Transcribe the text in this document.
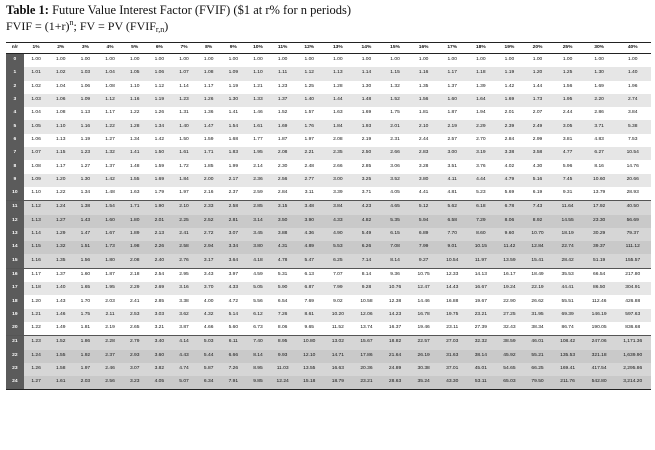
Table 1: Future Value Interest Factor (FVIF) ($1 at r% for n periods)
FVIF = $(1+r)^n$; FV = PV $(FVIF_{r,n})$
n/r	1%	2%	3%	4%	5%	6%	7%	8%	9%	10%	11%	12%	13%	14%	15%	16%	17%	18%	19%	20%	25%	30%	40%
0	1.00	1.00	1.00	1.00	1.00	1.00	1.00	1.00	1.00	1.00	1.00	1.00	1.00	1.00	1.00	1.00	1.00	1.00	1.00	1.00	1.00	1.00	1.00
1	1.01	1.02	1.03	1.04	1.05	1.06	1.07	1.08	1.09	1.10	1.11	1.12	1.13	1.14	1.15	1.16	1.17	1.18	1.19	1.20	1.25	1.30	1.40
2	1.02	1.04	1.06	1.08	1.10	1.12	1.14	1.17	1.19	1.21	1.23	1.25	1.28	1.30	1.32	1.35	1.37	1.39	1.42	1.44	1.56	1.69	1.96
3	1.03	1.06	1.09	1.12	1.16	1.19	1.23	1.26	1.30	1.33	1.37	1.40	1.44	1.48	1.52	1.56	1.60	1.64	1.69	1.73	1.95	2.20	2.74
4	1.04	1.08	1.13	1.17	1.22	1.26	1.31	1.36	1.41	1.46	1.52	1.57	1.63	1.69	1.75	1.81	1.87	1.94	2.01	2.07	2.44	2.86	3.84
5	1.05	1.10	1.16	1.22	1.28	1.34	1.40	1.47	1.54	1.61	1.69	1.76	1.84	1.93	2.01	2.10	2.19	2.29	2.39	2.49	3.05	3.71	5.38
6	1.06	1.13	1.19	1.27	1.34	1.42	1.50	1.59	1.68	1.77	1.87	1.97	2.08	2.19	2.31	2.44	2.57	2.70	2.84	2.99	3.81	4.83	7.53
7	1.07	1.15	1.23	1.32	1.41	1.50	1.61	1.71	1.83	1.95	2.08	2.21	2.35	2.50	2.66	2.83	3.00	3.19	3.38	3.58	4.77	6.27	10.54
8	1.08	1.17	1.27	1.37	1.48	1.59	1.72	1.85	1.99	2.14	2.30	2.48	2.66	2.85	3.06	3.28	3.51	3.76	4.02	4.30	5.96	8.16	14.76
9	1.09	1.20	1.30	1.42	1.55	1.69	1.84	2.00	2.17	2.36	2.56	2.77	3.00	3.25	3.52	3.80	4.11	4.44	4.79	5.16	7.45	10.60	20.66
10	1.10	1.22	1.34	1.48	1.63	1.79	1.97	2.16	2.37	2.59	2.84	3.11	3.39	3.71	4.05	4.41	4.81	5.23	5.69	6.19	9.31	13.79	28.93
11	1.12	1.24	1.38	1.54	1.71	1.90	2.10	2.33	2.58	2.85	3.15	3.48	3.84	4.23	4.65	5.12	5.62	6.18	6.78	7.43	11.64	17.92	40.50
12	1.13	1.27	1.43	1.60	1.80	2.01	2.25	2.52	2.81	3.14	3.50	3.90	4.33	4.82	5.35	5.94	6.58	7.29	8.06	8.92	14.55	23.30	56.69
13	1.14	1.29	1.47	1.67	1.89	2.13	2.41	2.72	3.07	3.45	3.88	4.36	4.90	5.49	6.15	6.89	7.70	8.60	9.60	10.70	18.19	30.29	79.37
14	1.15	1.32	1.51	1.73	1.98	2.26	2.58	2.94	3.34	3.80	4.31	4.89	5.53	6.26	7.08	7.99	9.01	10.15	11.42	12.84	22.74	39.37	111.12
15	1.16	1.35	1.56	1.80	2.08	2.40	2.76	3.17	3.64	4.18	4.78	5.47	6.25	7.14	8.14	9.27	10.54	11.97	13.59	15.41	28.42	51.19	155.57
16	1.17	1.37	1.60	1.87	2.18	2.54	2.95	3.43	3.97	4.59	5.31	6.13	7.07	8.14	9.36	10.75	12.33	14.13	16.17	18.49	35.53	66.54	217.80
17	1.18	1.40	1.65	1.95	2.29	2.69	3.16	3.70	4.33	5.05	5.90	6.87	7.99	9.28	10.76	12.47	14.43	16.67	19.24	22.19	44.41	86.50	304.91
18	1.20	1.43	1.70	2.03	2.41	2.85	3.38	4.00	4.72	5.56	6.54	7.69	9.02	10.58	12.38	14.46	16.88	19.67	22.90	26.62	55.51	112.46	426.88
19	1.21	1.46	1.75	2.11	2.53	3.03	3.62	4.32	5.14	6.12	7.26	8.61	10.20	12.06	14.23	16.78	19.75	23.21	27.25	31.95	69.39	146.19	597.63
20	1.22	1.49	1.81	2.19	2.65	3.21	3.87	4.66	5.60	6.73	8.06	9.65	11.52	13.74	16.37	19.46	23.11	27.39	32.43	38.34	86.74	190.05	836.68
21	1.23	1.52	1.86	2.28	2.79	3.40	4.14	5.03	6.11	7.40	8.95	10.80	13.02	15.67	18.82	22.57	27.03	32.32	38.59	46.01	108.42	247.06	1,171.36
22	1.24	1.55	1.92	2.37	2.93	3.60	4.43	5.44	6.66	8.14	9.93	12.10	14.71	17.86	21.64	26.19	31.63	38.14	45.92	55.21	135.53	321.18	1,639.90
23	1.26	1.58	1.97	2.46	3.07	3.82	4.74	5.87	7.26	8.95	11.03	13.55	16.63	20.36	24.89	30.38	37.01	45.01	54.65	66.25	169.41	417.54	2,295.86
24	1.27	1.61	2.03	2.56	3.23	4.05	5.07	6.34	7.91	9.85	12.24	15.18	18.79	23.21	28.63	35.24	43.30	53.11	65.03	79.50	211.76	542.80	3,214.20
